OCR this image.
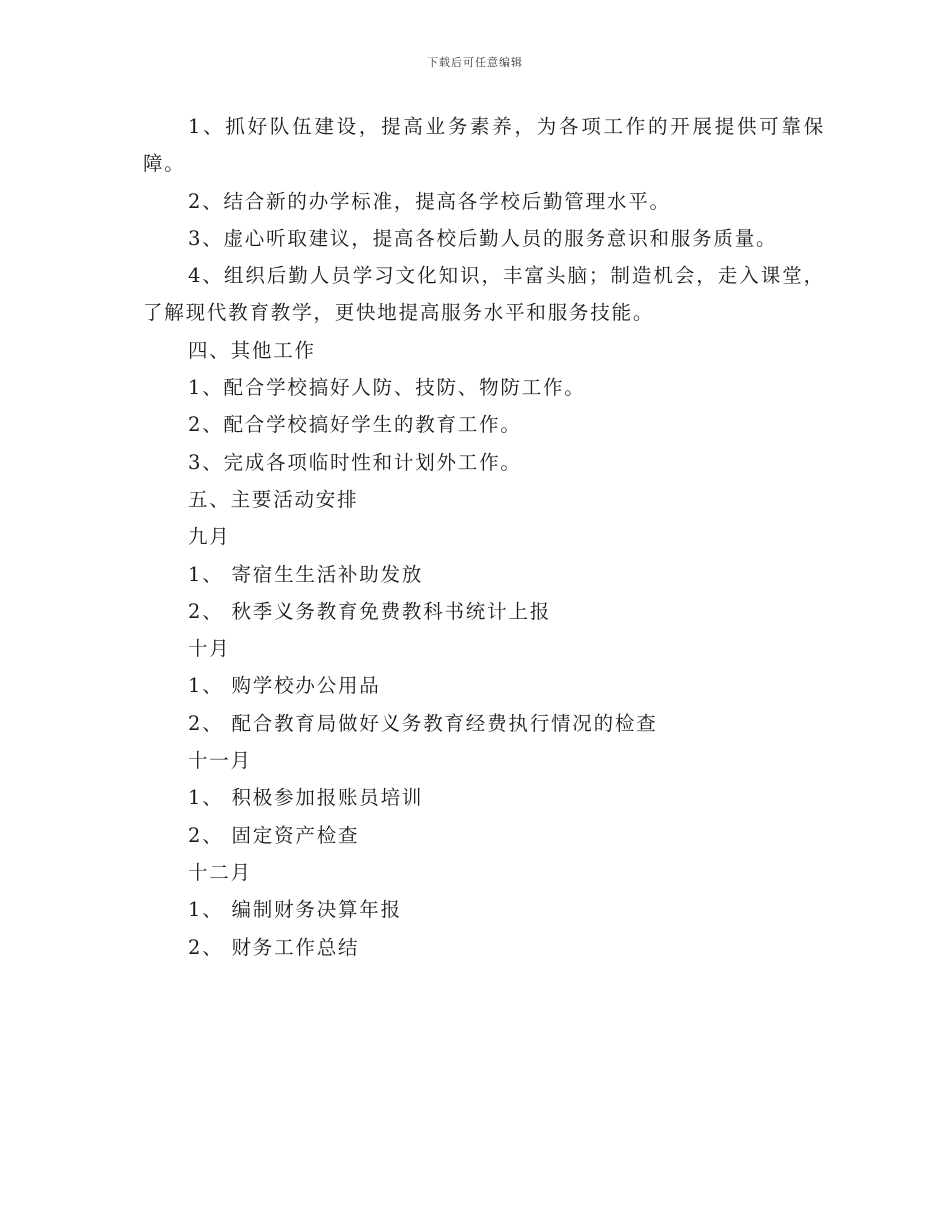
下载后可任意编辑
1、抓好队伍建设，提高业务素养，为各项工作的开展提供可靠保
障。
2、结合新的办学标准，提高各学校后勤管理水平。
3、虚心听取建议，提高各校后勤人员的服务意识和服务质量。
4、组织后勤人员学习文化知识，丰富头脑；制造机会，走入课堂，
了解现代教育教学，更快地提高服务水平和服务技能。
四、其他工作
1、配合学校搞好人防、技防、物防工作。
2、配合学校搞好学生的教育工作。
3、完成各项临时性和计划外工作。
五、主要活动安排
九月
1、 寄宿生生活补助发放
2、 秋季义务教育免费教科书统计上报
十月
1、 购学校办公用品
2、 配合教育局做好义务教育经费执行情况的检查
十一月
1、 积极参加报账员培训
2、 固定资产检查
十二月
1、 编制财务决算年报
2、 财务工作总结
